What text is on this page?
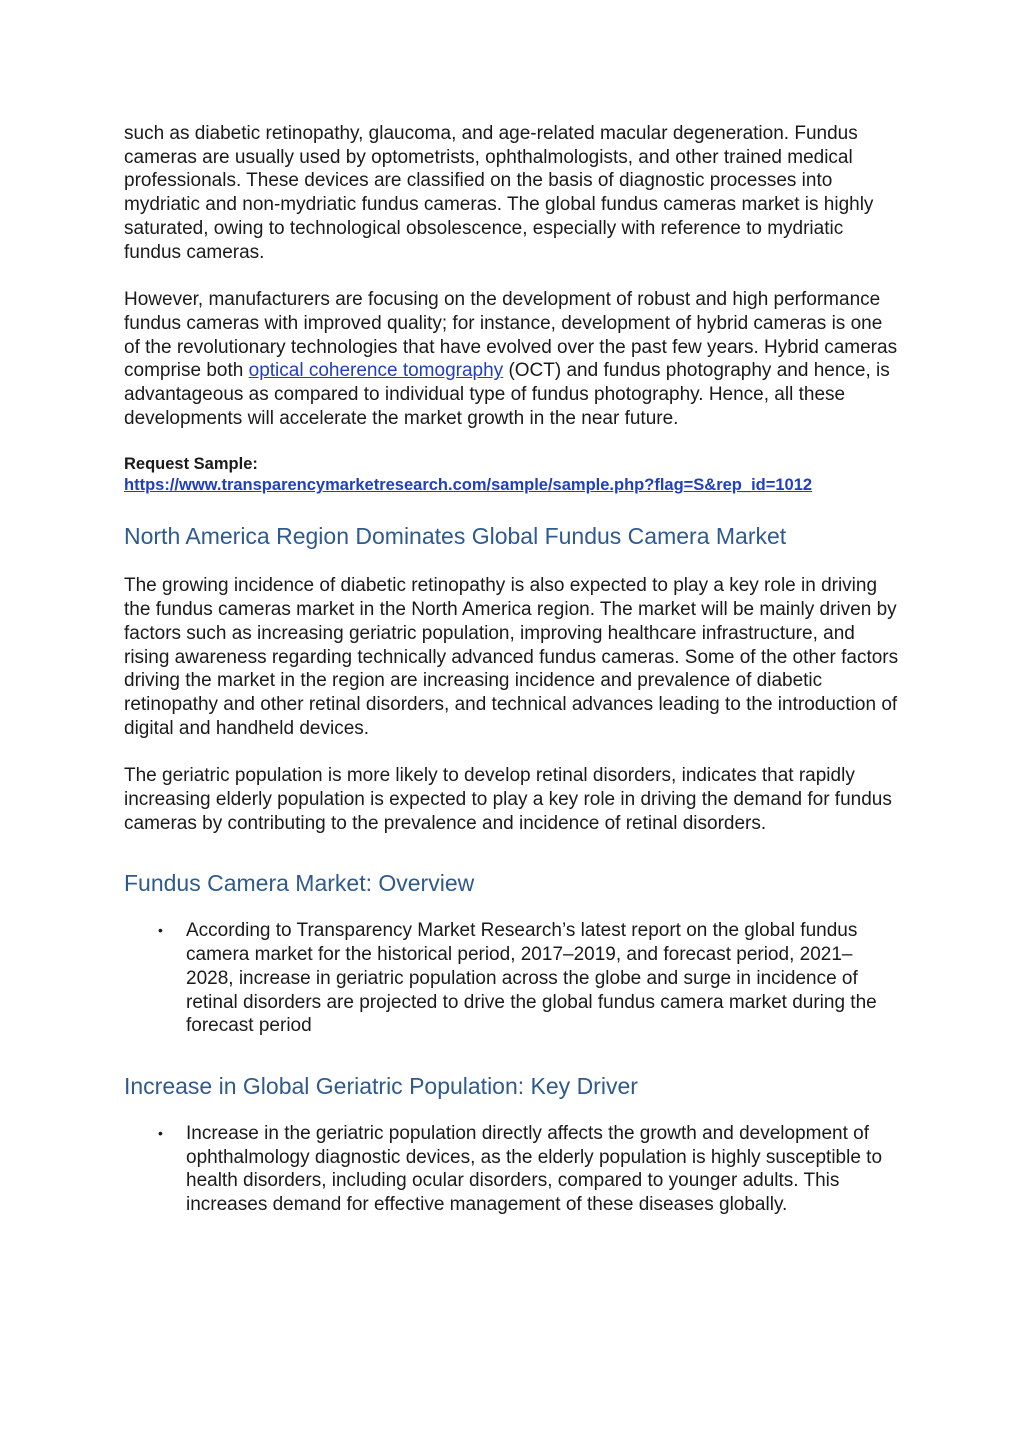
such as diabetic retinopathy, glaucoma, and age-related macular degeneration. Fundus cameras are usually used by optometrists, ophthalmologists, and other trained medical professionals. These devices are classified on the basis of diagnostic processes into mydriatic and non-mydriatic fundus cameras. The global fundus cameras market is highly saturated, owing to technological obsolescence, especially with reference to mydriatic fundus cameras.

However, manufacturers are focusing on the development of robust and high performance fundus cameras with improved quality; for instance, development of hybrid cameras is one of the revolutionary technologies that have evolved over the past few years. Hybrid cameras comprise both optical coherence tomography (OCT) and fundus photography and hence, is advantageous as compared to individual type of fundus photography. Hence, all these developments will accelerate the market growth in the near future.

Request Sample:
https://www.transparencymarketresearch.com/sample/sample.php?flag=S&rep_id=1012
North America Region Dominates Global Fundus Camera Market

The growing incidence of diabetic retinopathy is also expected to play a key role in driving the fundus cameras market in the North America region. The market will be mainly driven by factors such as increasing geriatric population, improving healthcare infrastructure, and rising awareness regarding technically advanced fundus cameras. Some of the other factors driving the market in the region are increasing incidence and prevalence of diabetic retinopathy and other retinal disorders, and technical advances leading to the introduction of digital and handheld devices.

The geriatric population is more likely to develop retinal disorders, indicates that rapidly increasing elderly population is expected to play a key role in driving the demand for fundus cameras by contributing to the prevalence and incidence of retinal disorders.

Fundus Camera Market: Overview
• According to Transparency Market Research’s latest report on the global fundus camera market for the historical period, 2017–2019, and forecast period, 2021–2028, increase in geriatric population across the globe and surge in incidence of retinal disorders are projected to drive the global fundus camera market during the forecast period
Increase in Global Geriatric Population: Key Driver
• Increase in the geriatric population directly affects the growth and development of ophthalmology diagnostic devices, as the elderly population is highly susceptible to health disorders, including ocular disorders, compared to younger adults. This increases demand for effective management of these diseases globally.
